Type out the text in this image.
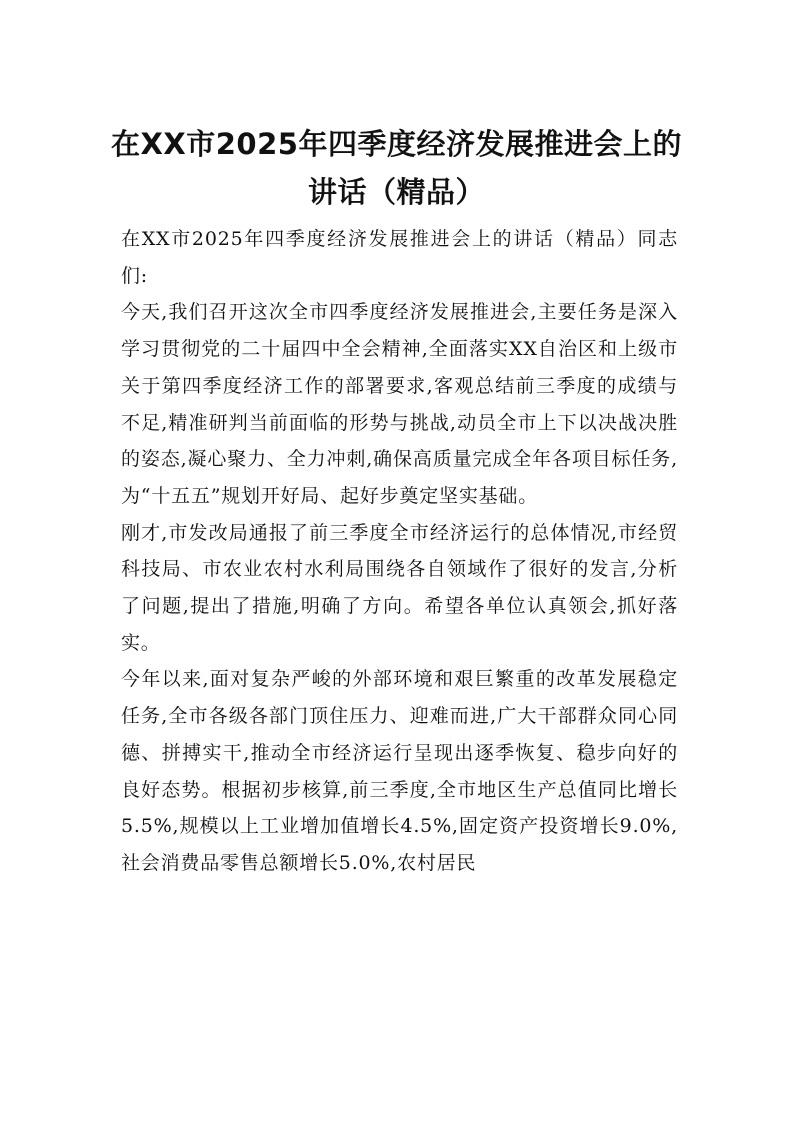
在XX市2025年四季度经济发展推进会上的
讲话（精品）

在XX市2025年四季度经济发展推进会上的讲话（精品）同志们:

今天,我们召开这次全市四季度经济发展推进会,主要任务是深入学习贯彻党的二十届四中全会精神,全面落实XX自治区和上级市关于第四季度经济工作的部署要求,客观总结前三季度的成绩与不足,精准研判当前面临的形势与挑战,动员全市上下以决战决胜的姿态,凝心聚力、全力冲刺,确保高质量完成全年各项目标任务,为“十五五”规划开好局、起好步奠定坚实基础。

刚才,市发改局通报了前三季度全市经济运行的总体情况,市经贸科技局、市农业农村水利局围绕各自领域作了很好的发言,分析了问题,提出了措施,明确了方向。希望各单位认真领会,抓好落实。

今年以来,面对复杂严峻的外部环境和艰巨繁重的改革发展稳定任务,全市各级各部门顶住压力、迎难而进,广大干部群众同心同德、拼搏实干,推动全市经济运行呈现出逐季恢复、稳步向好的良好态势。根据初步核算,前三季度,全市地区生产总值同比增长5.5%,规模以上工业增加值增长4.5%,固定资产投资增长9.0%,社会消费品零售总额增长5.0%,农村居民
